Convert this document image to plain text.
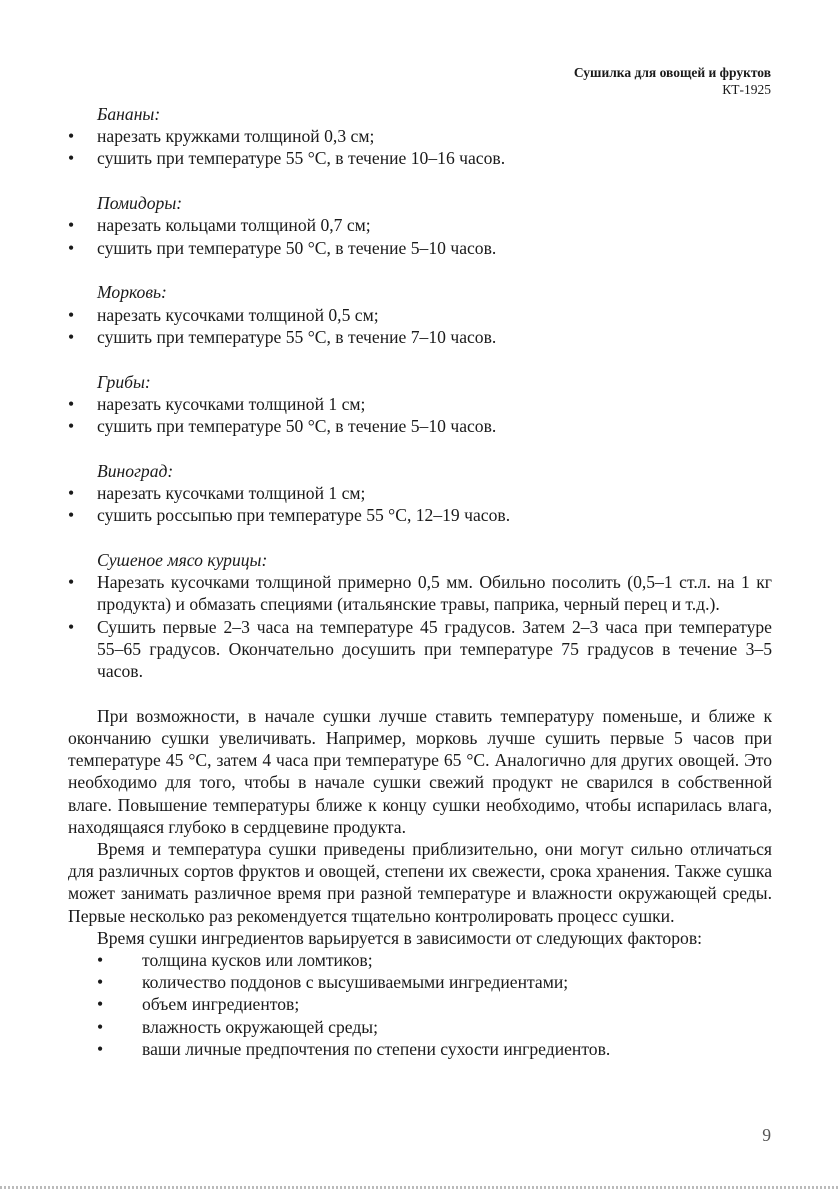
Сушилка для овощей и фруктов
КТ-1925
Бананы:
• нарезать кружками толщиной 0,3 см;
• сушить при температуре 55 °С, в течение 10–16 часов.
Помидоры:
• нарезать кольцами толщиной 0,7 см;
• сушить при температуре 50 °С, в течение 5–10 часов.
Морковь:
• нарезать кусочками толщиной 0,5 см;
• сушить при температуре 55 °С, в течение 7–10 часов.
Грибы:
• нарезать кусочками толщиной 1 см;
• сушить при температуре 50 °С, в течение 5–10 часов.
Виноград:
• нарезать кусочками толщиной 1 см;
• сушить россыпью при температуре 55 °С, 12–19 часов.
Сушеное мясо курицы:
• Нарезать кусочками толщиной примерно 0,5 мм. Обильно посолить (0,5–1 ст.л. на 1 кг продукта) и обмазать специями (итальянские травы, паприка, черный перец и т.д.).
• Сушить первые 2–3 часа на температуре 45 градусов. Затем 2–3 часа при температуре 55–65 градусов. Окончательно досушить при температуре 75 градусов в течение 3–5 часов.

При возможности, в начале сушки лучше ставить температуру поменьше, и ближе к окончанию сушки увеличивать. Например, морковь лучше сушить первые 5 часов при температуре 45 °С, затем 4 часа при температуре 65 °С. Аналогично для других овощей. Это необходимо для того, чтобы в начале сушки свежий продукт не сварился в собственной влаге. Повышение температуры ближе к концу сушки необходимо, чтобы испарилась влага, находящаяся глубоко в сердцевине продукта.

Время и температура сушки приведены приблизительно, они могут сильно отличаться для различных сортов фруктов и овощей, степени их свежести, срока хранения. Также сушка может занимать различное время при разной температуре и влажности окружающей среды. Первые несколько раз рекомендуется тщательно контролировать процесс сушки.

Время сушки ингредиентов варьируется в зависимости от следующих факторов:

• толщина кусков или ломтиков;
• количество поддонов с высушиваемыми ингредиентами;
• объем ингредиентов;
• влажность окружающей среды;
• ваши личные предпочтения по степени сухости ингредиентов.
9
